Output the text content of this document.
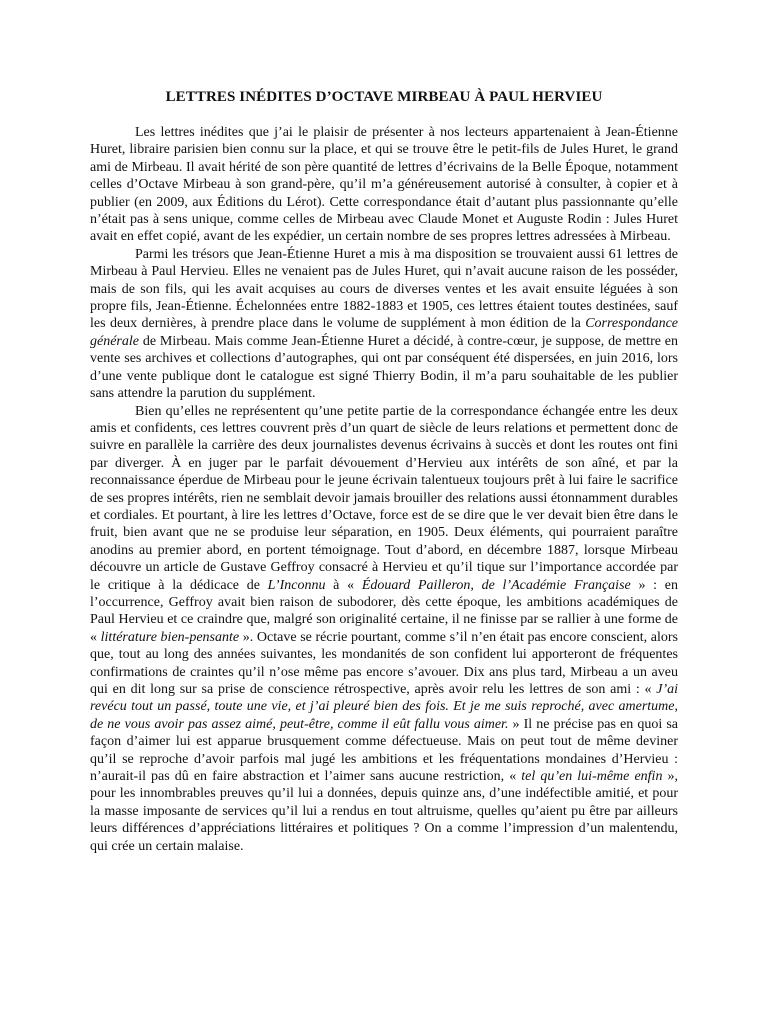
LETTRES INÉDITES D’OCTAVE MIRBEAU À PAUL HERVIEU

Les lettres inédites que j’ai le plaisir de présenter à nos lecteurs appartenaient à Jean-Étienne Huret, libraire parisien bien connu sur la place, et qui se trouve être le petit-fils de Jules Huret, le grand ami de Mirbeau. Il avait hérité de son père quantité de lettres d’écrivains de la Belle Époque, notamment celles d’Octave Mirbeau à son grand-père, qu’il m’a généreusement autorisé à consulter, à copier et à publier (en 2009, aux Éditions du Lérot). Cette correspondance était d’autant plus passionnante qu’elle n’était pas à sens unique, comme celles de Mirbeau avec Claude Monet et Auguste Rodin : Jules Huret avait en effet copié, avant de les expédier, un certain nombre de ses propres lettres adressées à Mirbeau.

Parmi les trésors que Jean-Étienne Huret a mis à ma disposition se trouvaient aussi 61 lettres de Mirbeau à Paul Hervieu. Elles ne venaient pas de Jules Huret, qui n’avait aucune raison de les posséder, mais de son fils, qui les avait acquises au cours de diverses ventes et les avait ensuite léguées à son propre fils, Jean-Étienne. Échelonnées entre 1882-1883 et 1905, ces lettres étaient toutes destinées, sauf les deux dernières, à prendre place dans le volume de supplément à mon édition de la Correspondance générale de Mirbeau. Mais comme Jean-Étienne Huret a décidé, à contre-cœur, je suppose, de mettre en vente ses archives et collections d’autographes, qui ont par conséquent été dispersées, en juin 2016, lors d’une vente publique dont le catalogue est signé Thierry Bodin, il m’a paru souhaitable de les publier sans attendre la parution du supplément.

Bien qu’elles ne représentent qu’une petite partie de la correspondance échangée entre les deux amis et confidents, ces lettres couvrent près d’un quart de siècle de leurs relations et permettent donc de suivre en parallèle la carrière des deux journalistes devenus écrivains à succès et dont les routes ont fini par diverger. À en juger par le parfait dévouement d’Hervieu aux intérêts de son aîné, et par la reconnaissance éperdue de Mirbeau pour le jeune écrivain talentueux toujours prêt à lui faire le sacrifice de ses propres intérêts, rien ne semblait devoir jamais brouiller des relations aussi étonnamment durables et cordiales. Et pourtant, à lire les lettres d’Octave, force est de se dire que le ver devait bien être dans le fruit, bien avant que ne se produise leur séparation, en 1905. Deux éléments, qui pourraient paraître anodins au premier abord, en portent témoignage. Tout d’abord, en décembre 1887, lorsque Mirbeau découvre un article de Gustave Geffroy consacré à Hervieu et qu’il tique sur l’importance accordée par le critique à la dédicace de L’Inconnu à « Édouard Pailleron, de l’Académie Française » : en l’occurrence, Geffroy avait bien raison de subodorer, dès cette époque, les ambitions académiques de Paul Hervieu et ce craindre que, malgré son originalité certaine, il ne finisse par se rallier à une forme de « littérature bien-pensante ». Octave se récrie pourtant, comme s’il n’en était pas encore conscient, alors que, tout au long des années suivantes, les mondanités de son confident lui apporteront de fréquentes confirmations de craintes qu’il n’ose même pas encore s’avouer. Dix ans plus tard, Mirbeau a un aveu qui en dit long sur sa prise de conscience rétrospective, après avoir relu les lettres de son ami : « J’ai revécu tout un passé, toute une vie, et j’ai pleuré bien des fois. Et je me suis reproché, avec amertume, de ne vous avoir pas assez aimé, peut-être, comme il eût fallu vous aimer. » Il ne précise pas en quoi sa façon d’aimer lui est apparue brusquement comme défectueuse. Mais on peut tout de même deviner qu’il se reproche d’avoir parfois mal jugé les ambitions et les fréquentations mondaines d’Hervieu : n’aurait-il pas dû en faire abstraction et l’aimer sans aucune restriction, « tel qu’en lui-même enfin », pour les innombrables preuves qu’il lui a données, depuis quinze ans, d’une indéfectible amitié, et pour la masse imposante de services qu’il lui a rendus en tout altruisme, quelles qu’aient pu être par ailleurs leurs différences d’appréciations littéraires et politiques ? On a comme l’impression d’un malentendu, qui crée un certain malaise.
